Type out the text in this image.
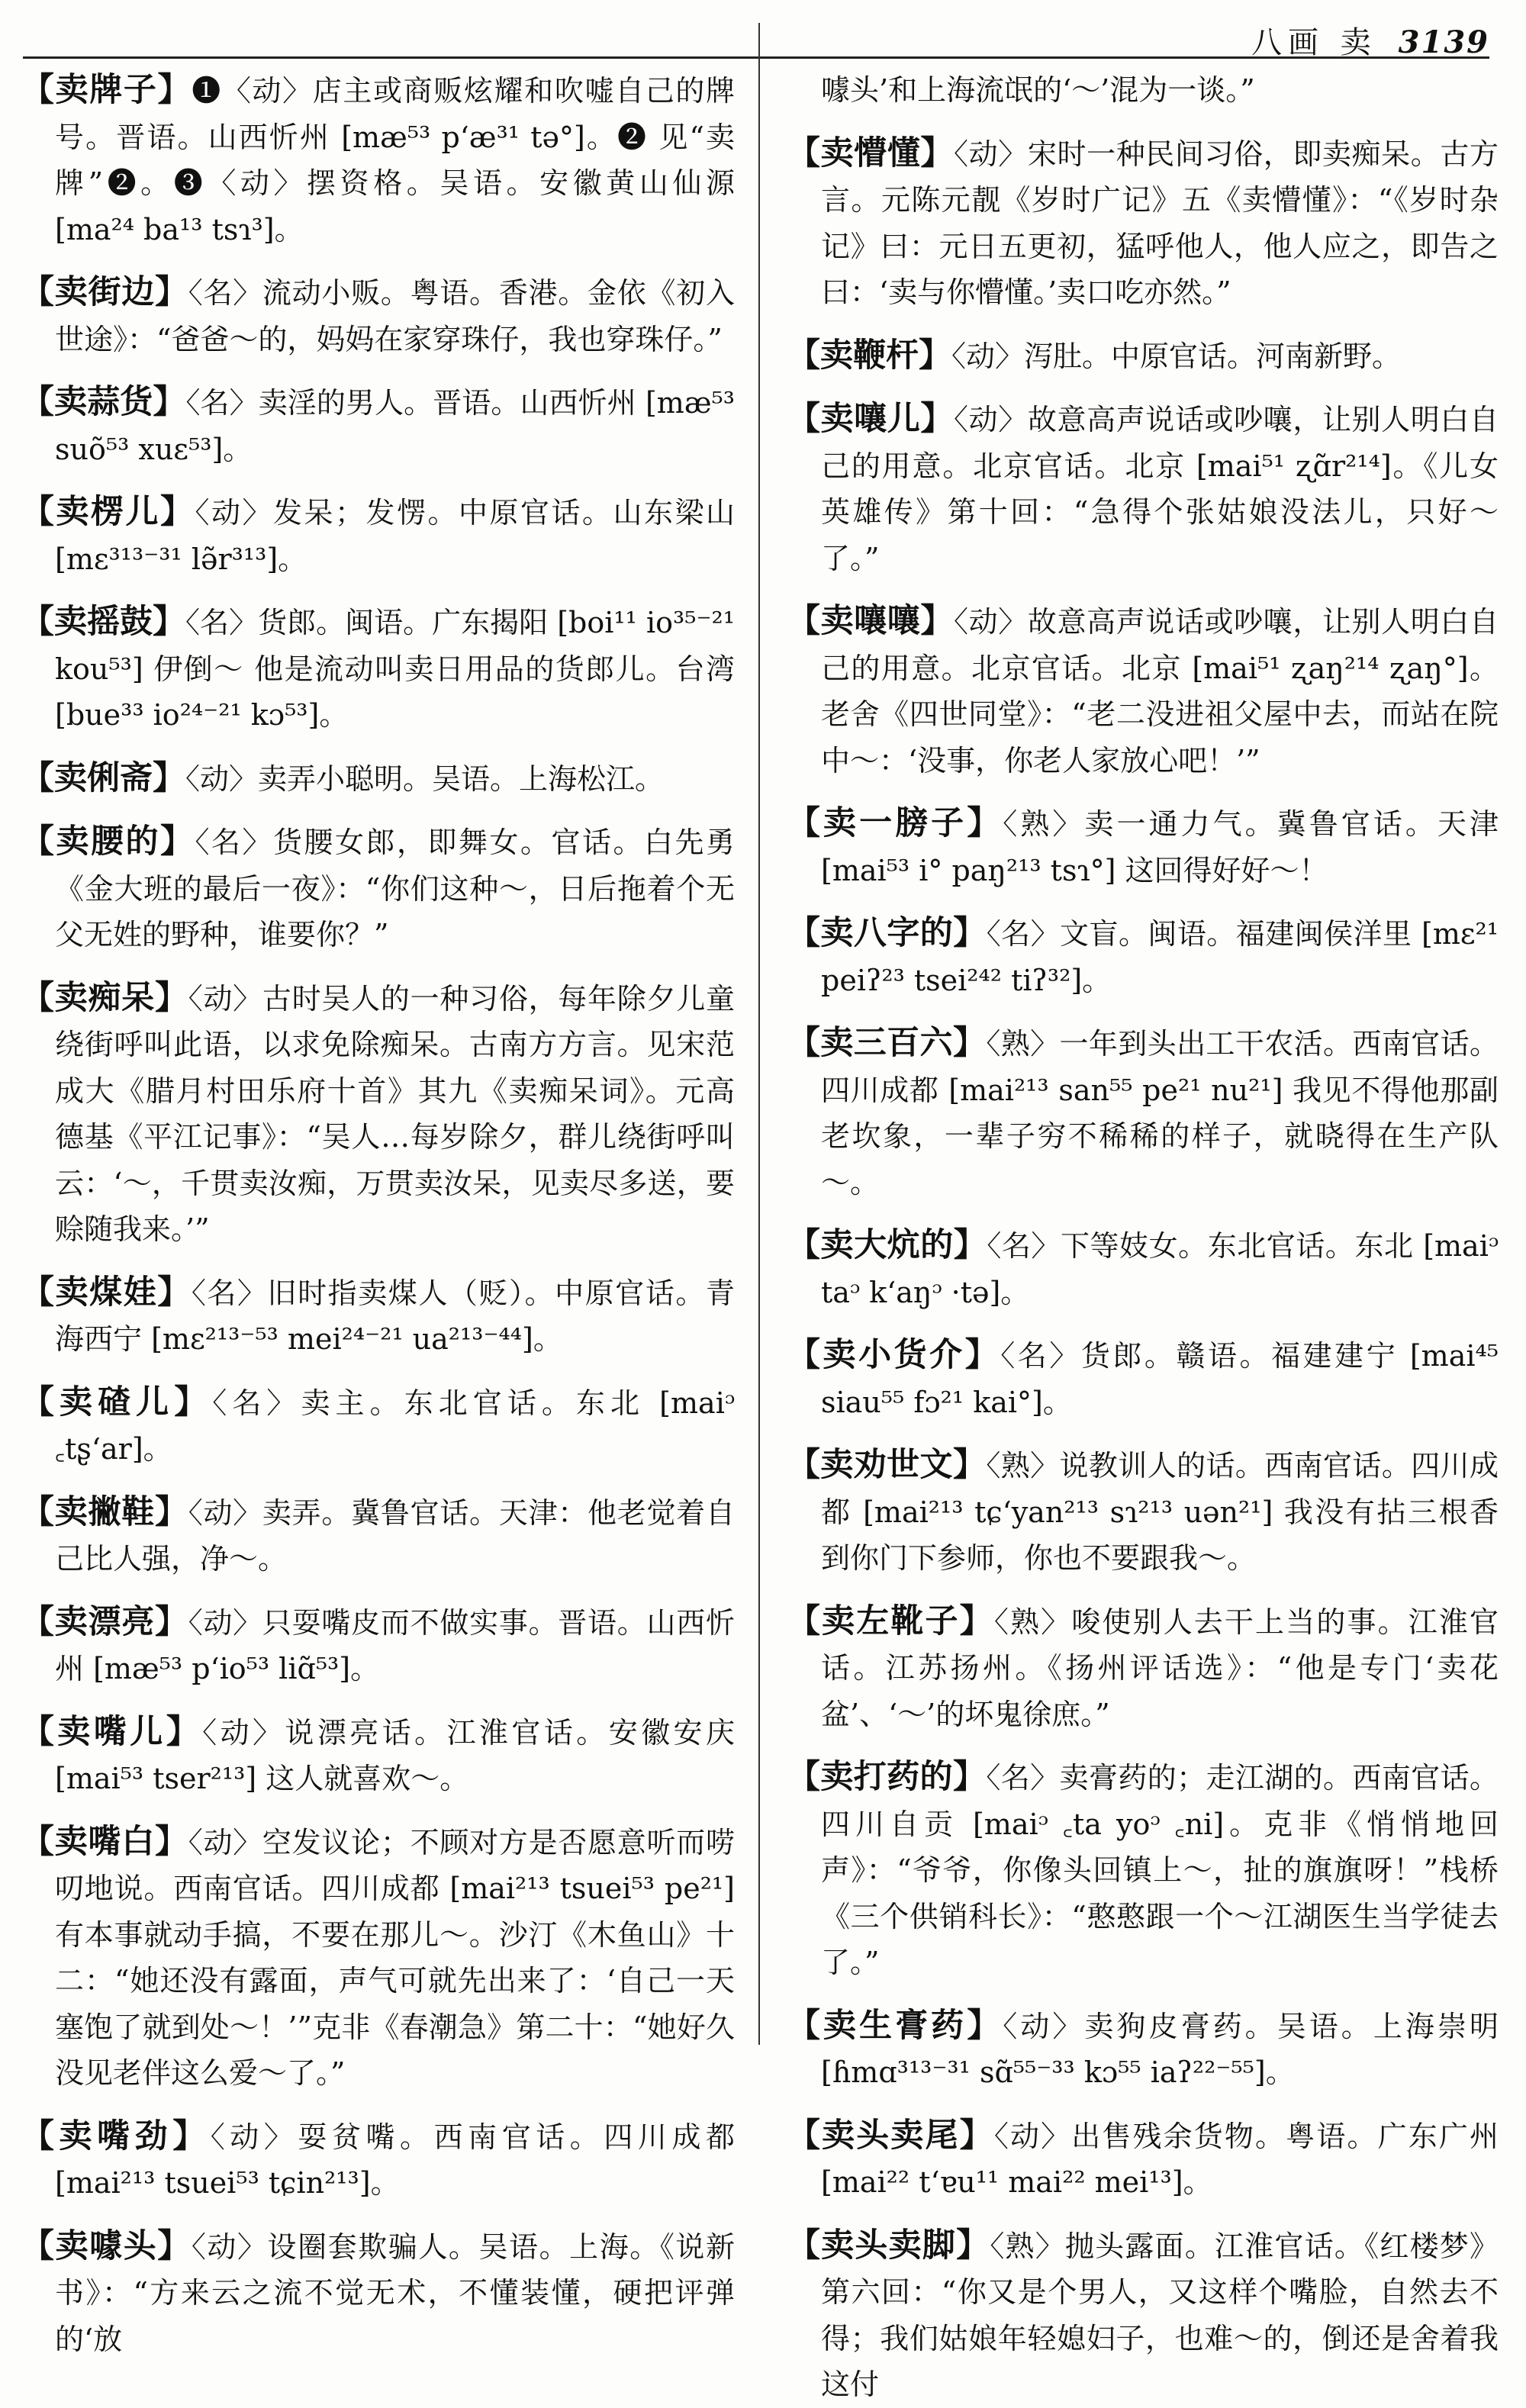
八画 卖 3139

【卖牌子】❶〈动〉店主或商贩炫耀和吹嘘自己的牌号。晋语。山西忻州 [mæ⁵³ p‘æ³¹ tə°]。❷ 见“卖牌”❷。❸〈动〉摆资格。吴语。安徽黄山仙源 [ma²⁴ ba¹³ tsɿ³]。

【卖街边】〈名〉流动小贩。粤语。香港。金依《初入世途》：“爸爸～的，妈妈在家穿珠仔，我也穿珠仔。”

【卖蒜货】〈名〉卖淫的男人。晋语。山西忻州 [mæ⁵³ suõ⁵³ xuɛ⁵³]。

【卖楞儿】〈动〉发呆；发愣。中原官话。山东梁山 [mɛ³¹³⁻³¹ lə̃r³¹³]。

【卖摇鼓】〈名〉货郎。闽语。广东揭阳 [boi¹¹ io³⁵⁻²¹ kou⁵³] 伊倒～ 他是流动叫卖日用品的货郎儿。台湾 [bue³³ io²⁴⁻²¹ kɔ⁵³]。

【卖俐斋】〈动〉卖弄小聪明。吴语。上海松江。

【卖腰的】〈名〉货腰女郎，即舞女。官话。白先勇《金大班的最后一夜》：“你们这种～，日后拖着个无父无姓的野种，谁要你？”

【卖痴呆】〈动〉古时吴人的一种习俗，每年除夕儿童绕街呼叫此语，以求免除痴呆。古南方方言。见宋范成大《腊月村田乐府十首》其九《卖痴呆词》。元高德基《平江记事》：“吴人…每岁除夕，群儿绕街呼叫云：‘～，千贯卖汝痴，万贯卖汝呆，见卖尽多送，要赊随我来。’”

【卖煤娃】〈名〉旧时指卖煤人（贬）。中原官话。青海西宁 [mɛ²¹³⁻⁵³ mei²⁴⁻²¹ ua²¹³⁻⁴⁴]。

【卖碴儿】〈名〉卖主。东北官话。东北 [maiᵓ ꜀tʂ‘ar]。

【卖撇鞋】〈动〉卖弄。冀鲁官话。天津：他老觉着自己比人强，净～。

【卖漂亮】〈动〉只耍嘴皮而不做实事。晋语。山西忻州 [mæ⁵³ p‘io⁵³ liɑ̃⁵³]。

【卖嘴儿】〈动〉说漂亮话。江淮官话。安徽安庆 [mai⁵³ tser²¹³] 这人就喜欢～。

【卖嘴白】〈动〉空发议论；不顾对方是否愿意听而唠叨地说。西南官话。四川成都 [mai²¹³ tsuei⁵³ pe²¹] 有本事就动手搞，不要在那儿～。沙汀《木鱼山》十二：“她还没有露面，声气可就先出来了：‘自己一天塞饱了就到处～！’”克非《春潮急》第二十：“她好久没见老伴这么爱～了。”

【卖嘴劲】〈动〉耍贫嘴。西南官话。四川成都 [mai²¹³ tsuei⁵³ tɕin²¹³]。

【卖噱头】〈动〉设圈套欺骗人。吴语。上海。《说新书》：“方来云之流不觉无术，不懂装懂，硬把评弹的‘放

噱头’和上海流氓的‘～’混为一谈。”

【卖懵懂】〈动〉宋时一种民间习俗，即卖痴呆。古方言。元陈元靓《岁时广记》五《卖懵懂》：“《岁时杂记》曰：元日五更初，猛呼他人，他人应之，即告之曰：‘卖与你懵懂。’卖口吃亦然。”

【卖鞭杆】〈动〉泻肚。中原官话。河南新野。

【卖嚷儿】〈动〉故意高声说话或吵嚷，让别人明白自己的用意。北京官话。北京 [mai⁵¹ ʐɑ̃r²¹⁴]。《儿女英雄传》第十回：“急得个张姑娘没法儿，只好～了。”

【卖嚷嚷】〈动〉故意高声说话或吵嚷，让别人明白自己的用意。北京官话。北京 [mai⁵¹ ʐaŋ²¹⁴ ʐaŋ°]。老舍《四世同堂》：“老二没进祖父屋中去，而站在院中～：‘没事，你老人家放心吧！’”

【卖一膀子】〈熟〉卖一通力气。冀鲁官话。天津 [mai⁵³ i° paŋ²¹³ tsɿ°] 这回得好好～！

【卖八字的】〈名〉文盲。闽语。福建闽侯洋里 [mɛ²¹ peiʔ²³ tsei²⁴² tiʔ³²]。

【卖三百六】〈熟〉一年到头出工干农活。西南官话。四川成都 [mai²¹³ san⁵⁵ pe²¹ nu²¹] 我见不得他那副老坎象，一辈子穷不稀稀的样子，就晓得在生产队～。

【卖大炕的】〈名〉下等妓女。东北官话。东北 [maiᵓ taᵓ k‘aŋᵓ ·tə]。

【卖小货介】〈名〉货郎。赣语。福建建宁 [mai⁴⁵ siau⁵⁵ fɔ²¹ kai°]。

【卖劝世文】〈熟〉说教训人的话。西南官话。四川成都 [mai²¹³ tɕ‘yan²¹³ sɿ²¹³ uən²¹] 我没有拈三根香到你门下参师，你也不要跟我～。

【卖左靴子】〈熟〉唆使别人去干上当的事。江淮官话。江苏扬州。《扬州评话选》：“他是专门‘卖花盆’、‘～’的坏鬼徐庶。”

【卖打药的】〈名〉卖膏药的；走江湖的。西南官话。四川自贡 [maiᵓ ꜀ta yoᵓ ꜀ni]。克非《悄悄地回声》：“爷爷，你像头回镇上～，扯的旗旗呀！”栈桥《三个供销科长》：“憨憨跟一个～江湖医生当学徒去了。”

【卖生膏药】〈动〉卖狗皮膏药。吴语。上海崇明 [ɦmɑ³¹³⁻³¹ sɑ̃⁵⁵⁻³³ kɔ⁵⁵ iaʔ²²⁻⁵⁵]。

【卖头卖尾】〈动〉出售残余货物。粤语。广东广州 [mai²² t‘ɐu¹¹ mai²² mei¹³]。

【卖头卖脚】〈熟〉抛头露面。江淮官话。《红楼梦》第六回：“你又是个男人，又这样个嘴脸，自然去不得；我们姑娘年轻媳妇子，也难～的，倒还是舍着我这付
